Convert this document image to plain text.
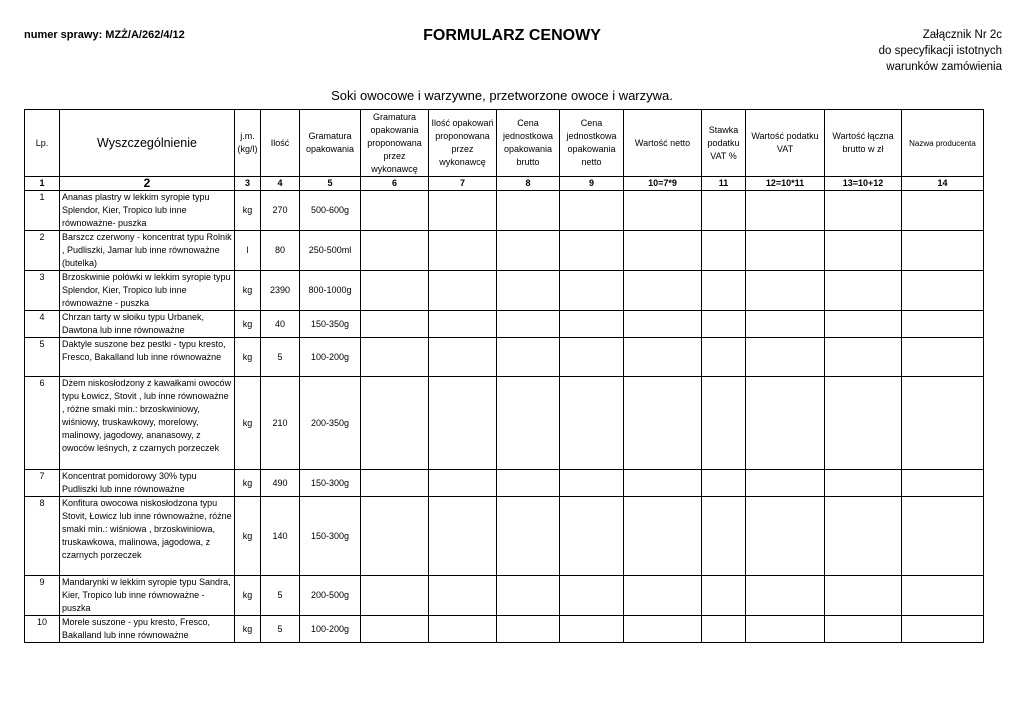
numer sprawy: MZŻ/A/262/4/12	FORMULARZ CENOWY	Załącznik Nr 2c
do specyfikacji istotnych
warunków zamówienia
Soki owocowe i warzywne, przetworzone owoce i warzywa.
Lp.	Wyszczególnienie	j.m. (kg/l)	Ilość	Gramatura opakowania	Gramatura opakowania proponowana przez wykonawcę	Ilość opakowań proponowana przez wykonawcę	Cena jednostkowa opakowania brutto	Cena jednostkowa opakowania netto	Wartość netto	Stawka podatku VAT %	Wartość podatku VAT	Wartość łączna brutto w zł	Nazwa producenta
1	2	3	4	5	6	7	8	9	10=7*9	11	12=10*11	13=10+12	14
1	Ananas plastry w lekkim syropie typu Splendor, Kier, Tropico lub inne równoważne- puszka	kg	270	500-600g									
2	Barszcz czerwony - koncentrat typu Rolnik , Pudliszki, Jamar lub inne równoważne (butelka)	l	80	250-500ml									
3	Brzoskwinie połówki w lekkim syropie typu Splendor, Kier, Tropico lub inne równoważne - puszka	kg	2390	800-1000g									
4	Chrzan tarty w słoiku typu Urbanek, Dawtona lub inne równoważne	kg	40	150-350g									
5	Daktyle suszone bez pestki - typu kresto, Fresco, Bakalland lub inne równoważne	kg	5	100-200g									
6	Dżem niskosłodzony z kawałkami owoców typu Łowicz, Stovit , lub inne równoważne , różne smaki min.: brzoskwiniowy, wiśniowy, truskawkowy, morelowy, malinowy, jagodowy, ananasowy, z owoców leśnych, z czarnych porzeczek	kg	210	200-350g									
7	Koncentrat pomidorowy 30% typu Pudliszki lub inne równoważne	kg	490	150-300g									
8	Konfitura owocowa niskosłodzona typu Stovit, Łowicz lub inne równoważne, różne smaki min.: wiśniowa , brzoskwiniowa, truskawkowa, malinowa, jagodowa, z czarnych porzeczek	kg	140	150-300g									
9	Mandarynki w lekkim syropie typu Sandra, Kier, Tropico lub inne równoważne - puszka	kg	5	200-500g									
10	Morele suszone - ypu kresto, Fresco, Bakalland lub inne równoważne	kg	5	100-200g									
